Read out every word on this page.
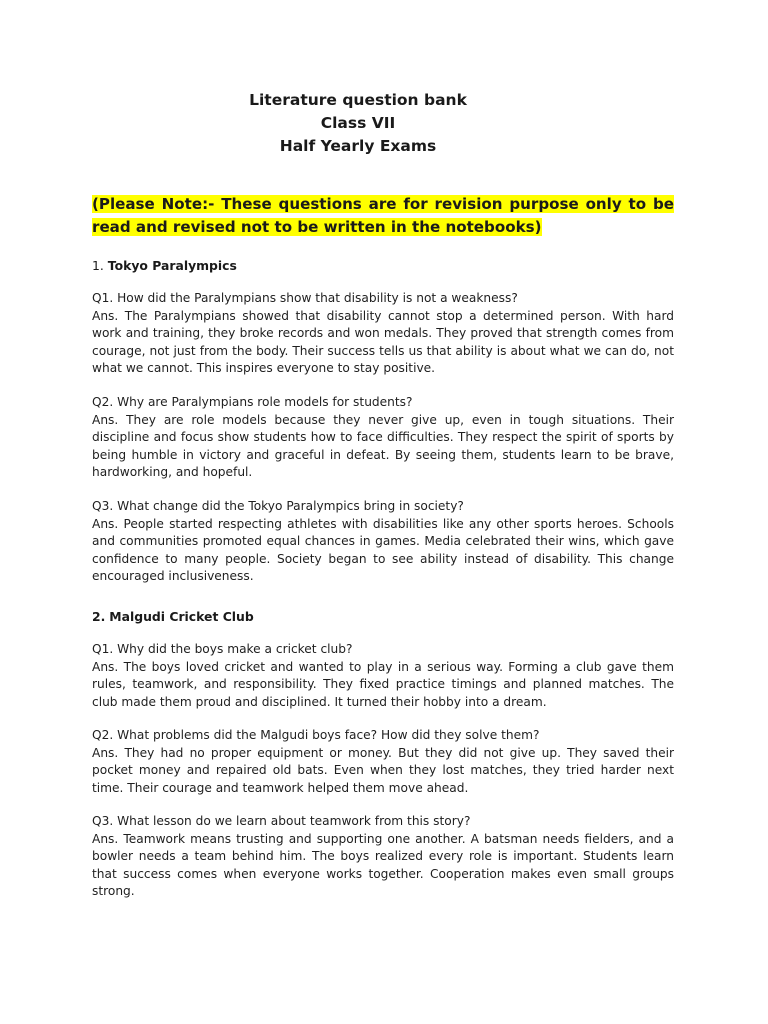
Literature question bank
Class VII
Half Yearly Exams
(Please Note:- These questions are for revision purpose only to be read and revised not to be written in the notebooks)
1. Tokyo Paralympics
Q1. How did the Paralympians show that disability is not a weakness?
Ans. The Paralympians showed that disability cannot stop a determined person. With hard work and training, they broke records and won medals. They proved that strength comes from courage, not just from the body. Their success tells us that ability is about what we can do, not what we cannot. This inspires everyone to stay positive.
Q2. Why are Paralympians role models for students?
Ans. They are role models because they never give up, even in tough situations. Their discipline and focus show students how to face difficulties. They respect the spirit of sports by being humble in victory and graceful in defeat. By seeing them, students learn to be brave, hardworking, and hopeful.
Q3. What change did the Tokyo Paralympics bring in society?
Ans. People started respecting athletes with disabilities like any other sports heroes. Schools and communities promoted equal chances in games. Media celebrated their wins, which gave confidence to many people. Society began to see ability instead of disability. This change encouraged inclusiveness.
2. Malgudi Cricket Club
Q1. Why did the boys make a cricket club?
Ans. The boys loved cricket and wanted to play in a serious way. Forming a club gave them rules, teamwork, and responsibility. They fixed practice timings and planned matches. The club made them proud and disciplined. It turned their hobby into a dream.
Q2. What problems did the Malgudi boys face? How did they solve them?
Ans. They had no proper equipment or money. But they did not give up. They saved their pocket money and repaired old bats. Even when they lost matches, they tried harder next time. Their courage and teamwork helped them move ahead.
Q3. What lesson do we learn about teamwork from this story?
Ans. Teamwork means trusting and supporting one another. A batsman needs fielders, and a bowler needs a team behind him. The boys realized every role is important. Students learn that success comes when everyone works together. Cooperation makes even small groups strong.
